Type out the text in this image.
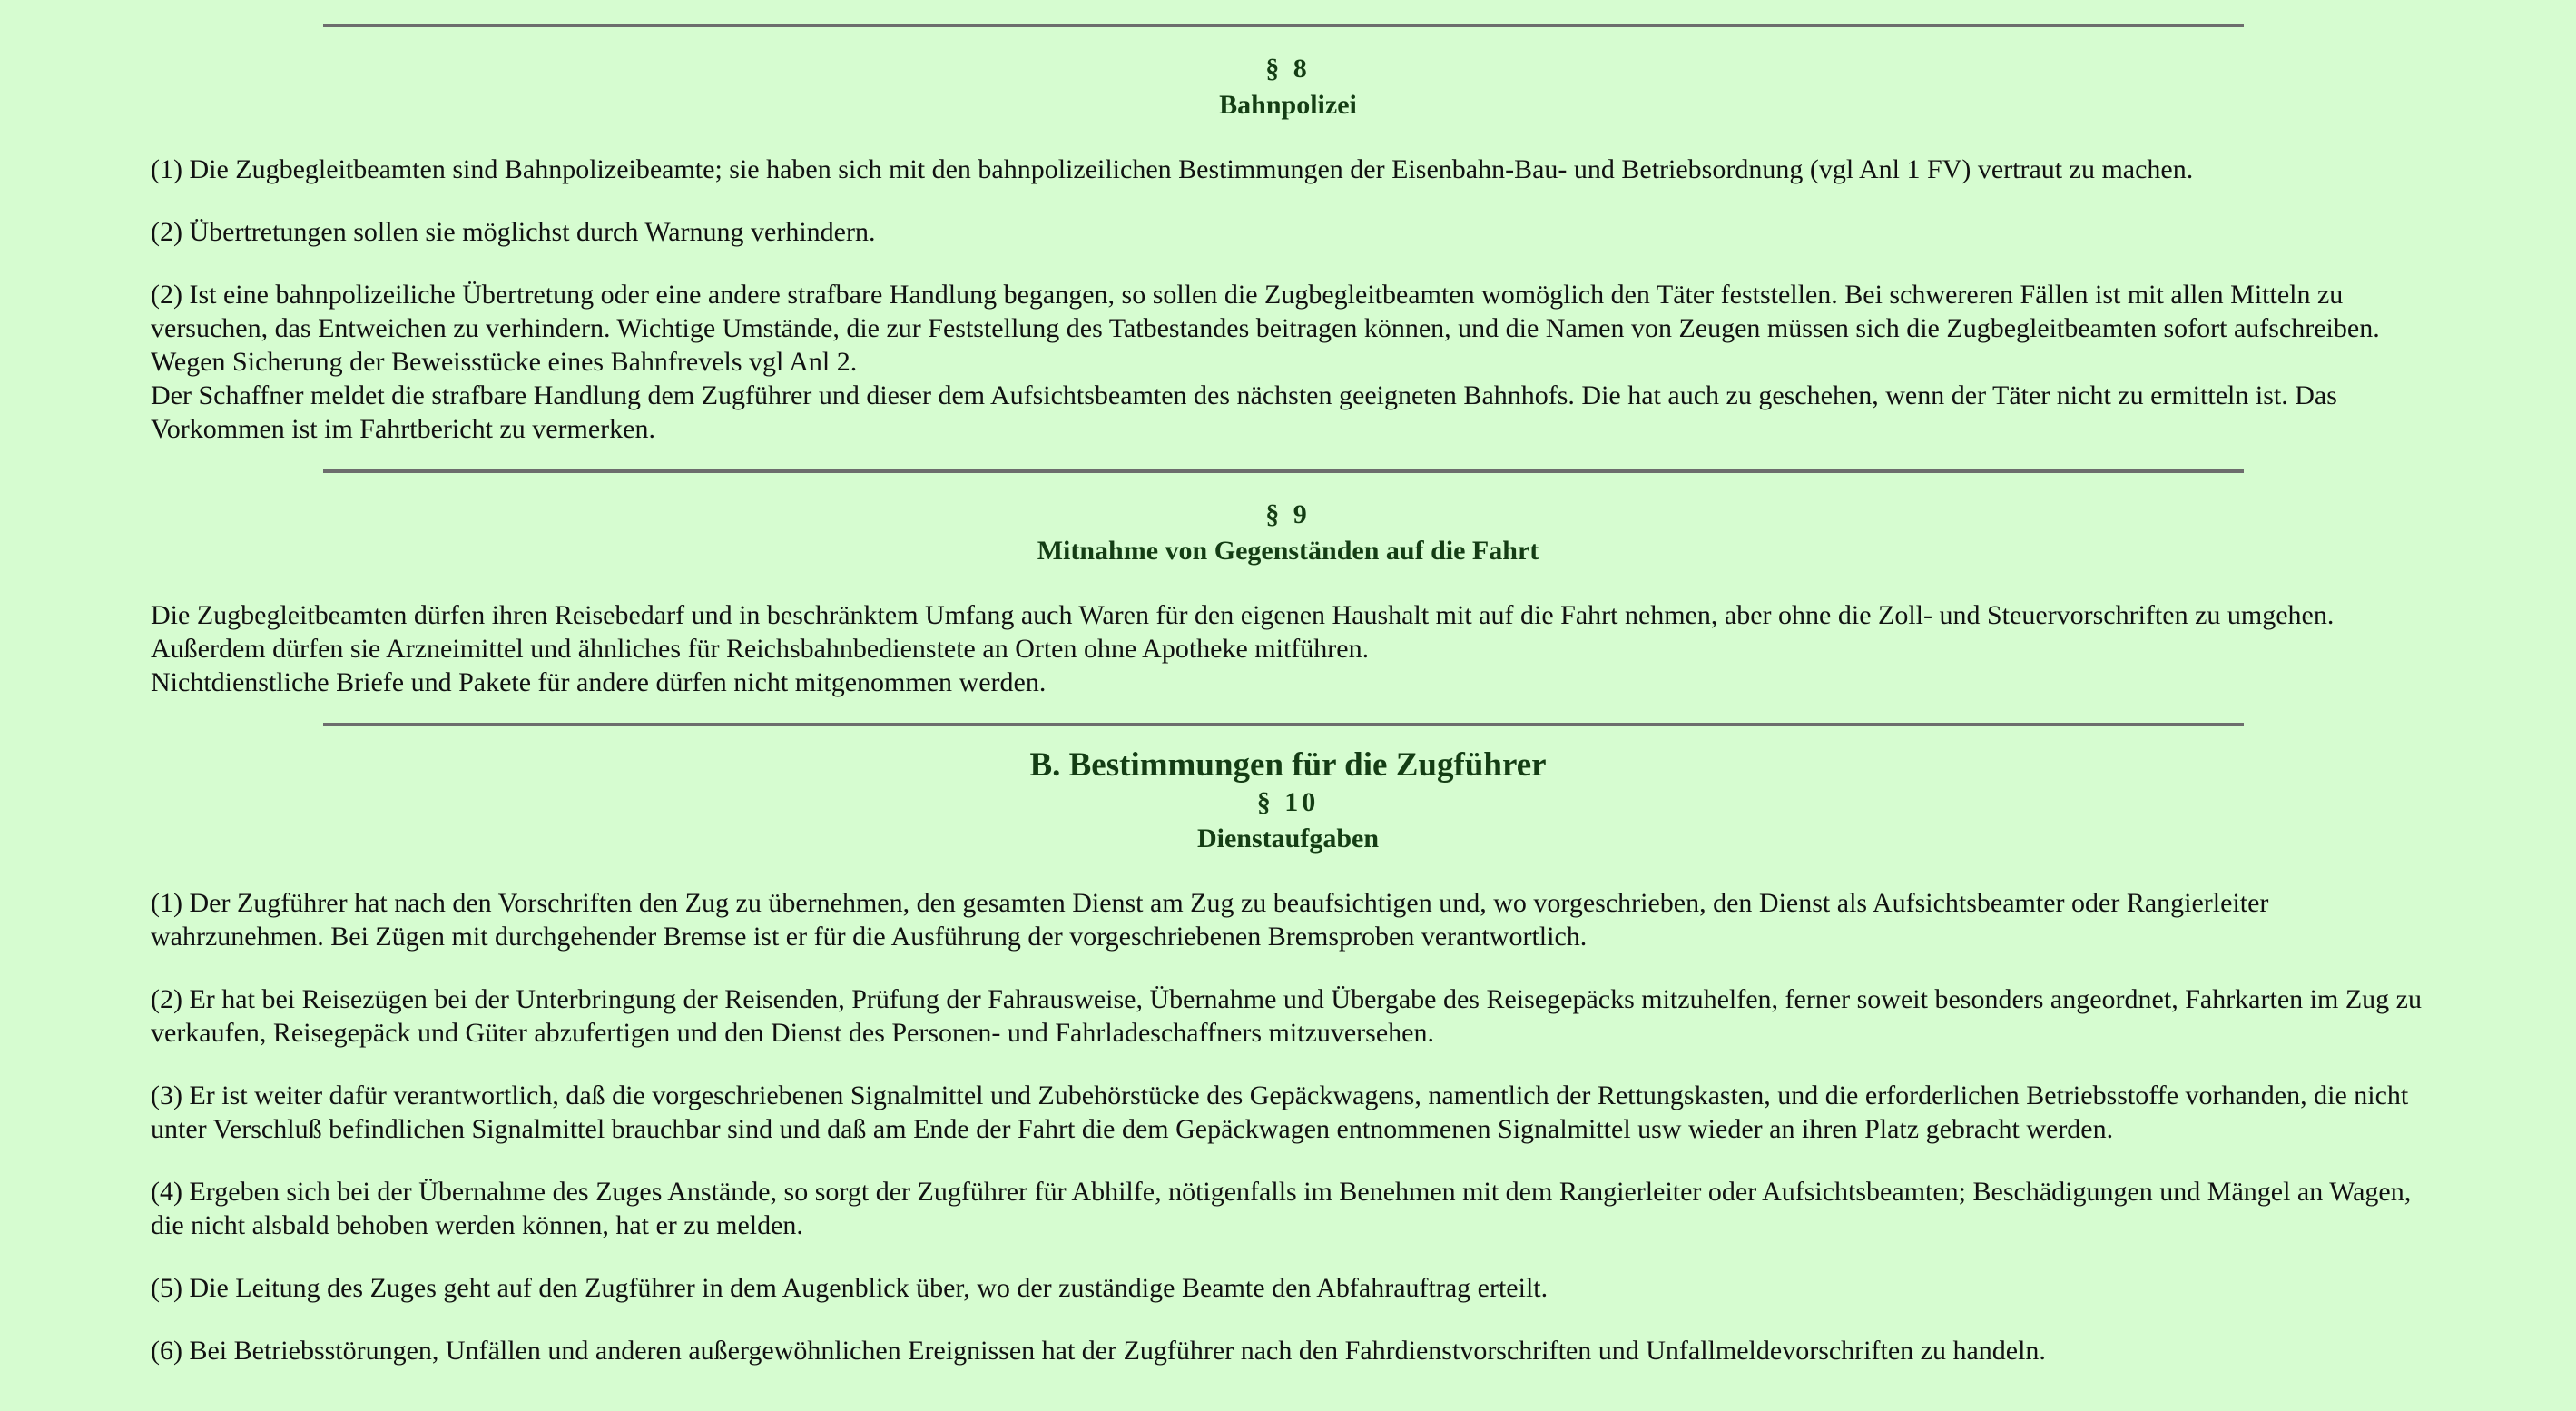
§ 8
Bahnpolizei

(1) Die Zugbegleitbeamten sind Bahnpolizeibeamte; sie haben sich mit den bahnpolizeilichen Bestimmungen der Eisenbahn-Bau- und Betriebsordnung (vgl Anl 1 FV) vertraut zu machen.

(2) Übertretungen sollen sie möglichst durch Warnung verhindern.

(2) Ist eine bahnpolizeiliche Übertretung oder eine andere strafbare Handlung begangen, so sollen die Zugbegleitbeamten womöglich den Täter feststellen. Bei schwereren Fällen ist mit allen Mitteln zu versuchen, das Entweichen zu verhindern. Wichtige Umstände, die zur Feststellung des Tatbestandes beitragen können, und die Namen von Zeugen müssen sich die Zugbegleitbeamten sofort aufschreiben. Wegen Sicherung der Beweisstücke eines Bahnfrevels vgl Anl 2.

Der Schaffner meldet die strafbare Handlung dem Zugführer und dieser dem Aufsichtsbeamten des nächsten geeigneten Bahnhofs. Die hat auch zu geschehen, wenn der Täter nicht zu ermitteln ist. Das Vorkommen ist im Fahrtbericht zu vermerken.

§ 9
Mitnahme von Gegenständen auf die Fahrt

Die Zugbegleitbeamten dürfen ihren Reisebedarf und in beschränktem Umfang auch Waren für den eigenen Haushalt mit auf die Fahrt nehmen, aber ohne die Zoll- und Steuervorschriften zu umgehen. Außerdem dürfen sie Arzneimittel und ähnliches für Reichsbahnbedienstete an Orten ohne Apotheke mitführen.

Nichtdienstliche Briefe und Pakete für andere dürfen nicht mitgenommen werden.

B. Bestimmungen für die Zugführer
§ 10
Dienstaufgaben

(1) Der Zugführer hat nach den Vorschriften den Zug zu übernehmen, den gesamten Dienst am Zug zu beaufsichtigen und, wo vorgeschrieben, den Dienst als Aufsichtsbeamter oder Rangierleiter wahrzunehmen. Bei Zügen mit durchgehender Bremse ist er für die Ausführung der vorgeschriebenen Bremsproben verantwortlich.

(2) Er hat bei Reisezügen bei der Unterbringung der Reisenden, Prüfung der Fahrausweise, Übernahme und Übergabe des Reisegepäcks mitzuhelfen, ferner soweit besonders angeordnet, Fahrkarten im Zug zu verkaufen, Reisegepäck und Güter abzufertigen und den Dienst des Personen- und Fahrladeschaffners mitzuversehen.

(3) Er ist weiter dafür verantwortlich, daß die vorgeschriebenen Signalmittel und Zubehörstücke des Gepäckwagens, namentlich der Rettungskasten, und die erforderlichen Betriebsstoffe vorhanden, die nicht unter Verschluß befindlichen Signalmittel brauchbar sind und daß am Ende der Fahrt die dem Gepäckwagen entnommenen Signalmittel usw wieder an ihren Platz gebracht werden.

(4) Ergeben sich bei der Übernahme des Zuges Anstände, so sorgt der Zugführer für Abhilfe, nötigenfalls im Benehmen mit dem Rangierleiter oder Aufsichtsbeamten; Beschädigungen und Mängel an Wagen, die nicht alsbald behoben werden können, hat er zu melden.

(5) Die Leitung des Zuges geht auf den Zugführer in dem Augenblick über, wo der zuständige Beamte den Abfahrauftrag erteilt.

(6) Bei Betriebsstörungen, Unfällen und anderen außergewöhnlichen Ereignissen hat der Zugführer nach den Fahrdienstvorschriften und Unfallmeldevorschriften zu handeln.
